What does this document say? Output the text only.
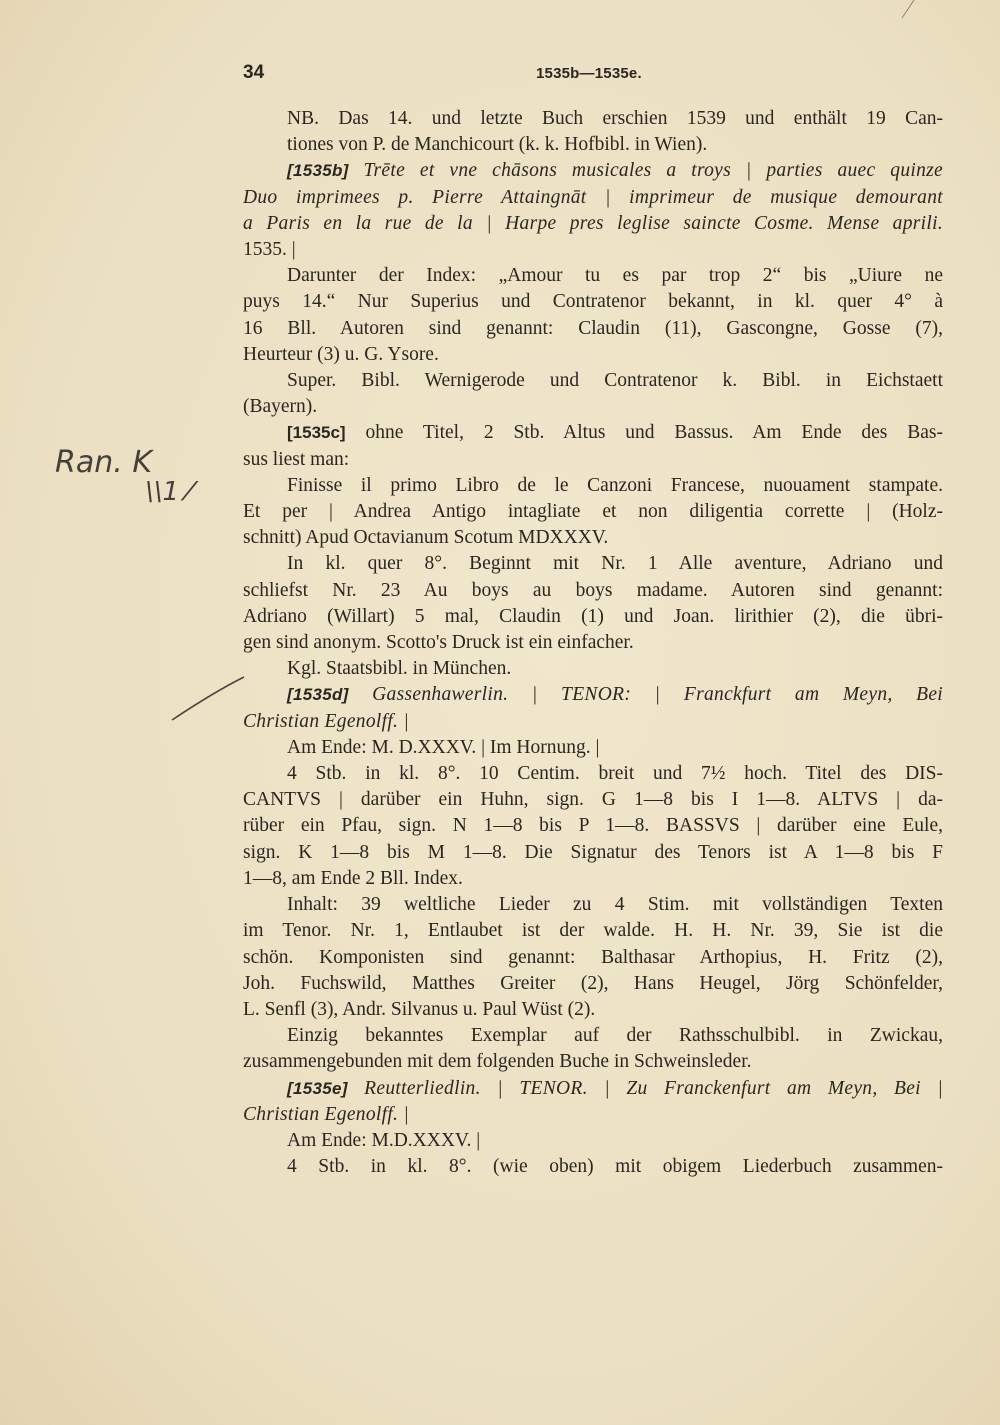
34	1535b—1535e.
Ran. K
\\1 ⁄

NB. Das 14. und letzte Buch erschien 1539 und enthält 19 Can-
tiones von P. de Manchicourt (k. k. Hofbibl. in Wien).

[1535b] Trēte et vne chāsons musicales a troys | parties auec quinze
Duo imprimees p. Pierre Attaingnāt | imprimeur de musique demourant
a Paris en la rue de la | Harpe pres leglise saincte Cosme. Mense aprili.
1535. |
Darunter der Index: „Amour tu es par trop 2“ bis „Uiure ne
puys 14.“ Nur Superius und Contratenor bekannt, in kl. quer 4° à
16 Bll. Autoren sind genannt: Claudin (11), Gascongne, Gosse (7),
Heurteur (3) u. G. Ysore.
Super. Bibl. Wernigerode und Contratenor k. Bibl. in Eichstaett
(Bayern).

[1535c] ohne Titel, 2 Stb. Altus und Bassus. Am Ende des Bas-
sus liest man:
Finisse il primo Libro de le Canzoni Francese, nuouament stampate.
Et per | Andrea Antigo intagliate et non diligentia corrette | (Holz-
schnitt) Apud Octavianum Scotum MDXXXV.
In kl. quer 8°. Beginnt mit Nr. 1 Alle aventure, Adriano und
schliefst Nr. 23 Au boys au boys madame. Autoren sind genannt:
Adriano (Willart) 5 mal, Claudin (1) und Joan. lirithier (2), die übri-
gen sind anonym. Scotto's Druck ist ein einfacher.
Kgl. Staatsbibl. in München.

[1535d] Gassenhawerlin. | TENOR: | Franckfurt am Meyn, Bei
Christian Egenolff. |
Am Ende: M. D.XXXV. | Im Hornung. |
4 Stb. in kl. 8°. 10 Centim. breit und 7½ hoch. Titel des DIS-
CANTVS | darüber ein Huhn, sign. G 1—8 bis I 1—8. ALTVS | da-
rüber ein Pfau, sign. N 1—8 bis P 1—8. BASSVS | darüber eine Eule,
sign. K 1—8 bis M 1—8. Die Signatur des Tenors ist A 1—8 bis F
1—8, am Ende 2 Bll. Index.
Inhalt: 39 weltliche Lieder zu 4 Stim. mit vollständigen Texten
im Tenor. Nr. 1, Entlaubet ist der walde. H. H. Nr. 39, Sie ist die
schön. Komponisten sind genannt: Balthasar Arthopius, H. Fritz (2),
Joh. Fuchswild, Matthes Greiter (2), Hans Heugel, Jörg Schönfelder,
L. Senfl (3), Andr. Silvanus u. Paul Wüst (2).
Einzig bekanntes Exemplar auf der Rathsschulbibl. in Zwickau,
zusammengebunden mit dem folgenden Buche in Schweinsleder.

[1535e] Reutterliedlin. | TENOR. | Zu Franckenfurt am Meyn, Bei |
Christian Egenolff. |
Am Ende: M.D.XXXV. |
4 Stb. in kl. 8°. (wie oben) mit obigem Liederbuch zusammen-
